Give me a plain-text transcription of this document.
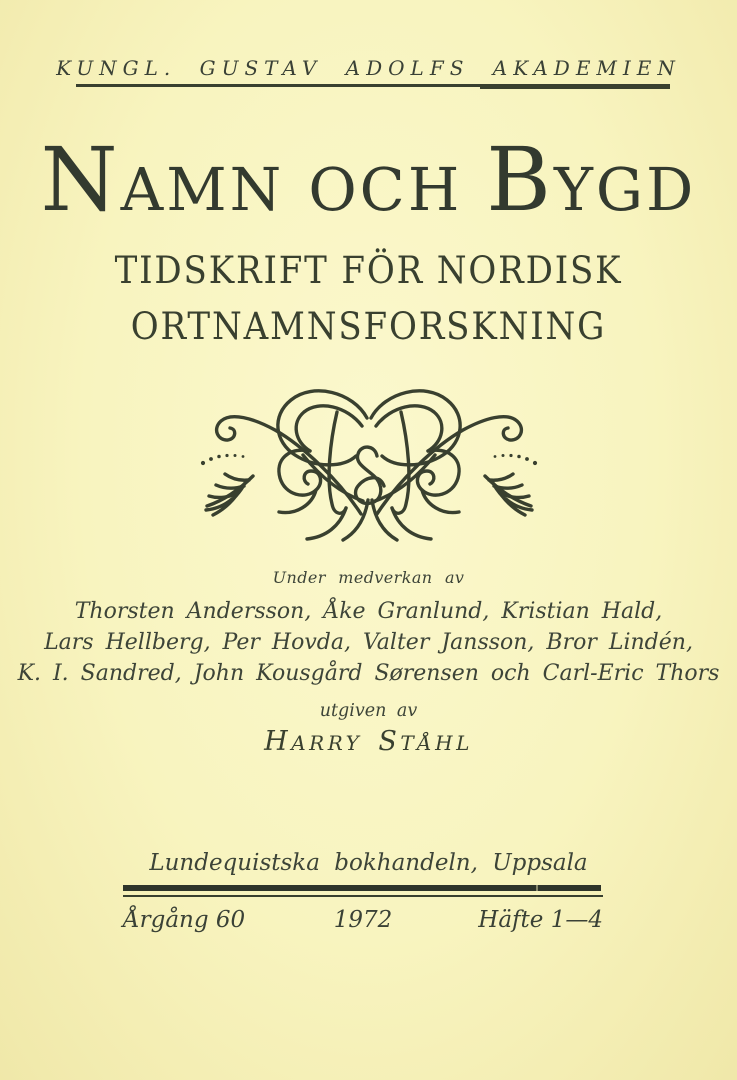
KUNGL. GUSTAV ADOLFS AKADEMIEN
NAMN OCH BYGD
TIDSKRIFT FÖR NORDISK
ORTNAMNSFORSKNING
Under medverkan av
Thorsten Andersson, Åke Granlund, Kristian Hald,
Lars Hellberg, Per Hovda, Valter Jansson, Bror Lindén,
K. I. Sandred, John Kousgård Sørensen och Carl-Eric Thors
utgiven av
HARRY STÅHL
Lundequistska bokhandeln, Uppsala
Årgång 60	1972	Häfte 1—4
